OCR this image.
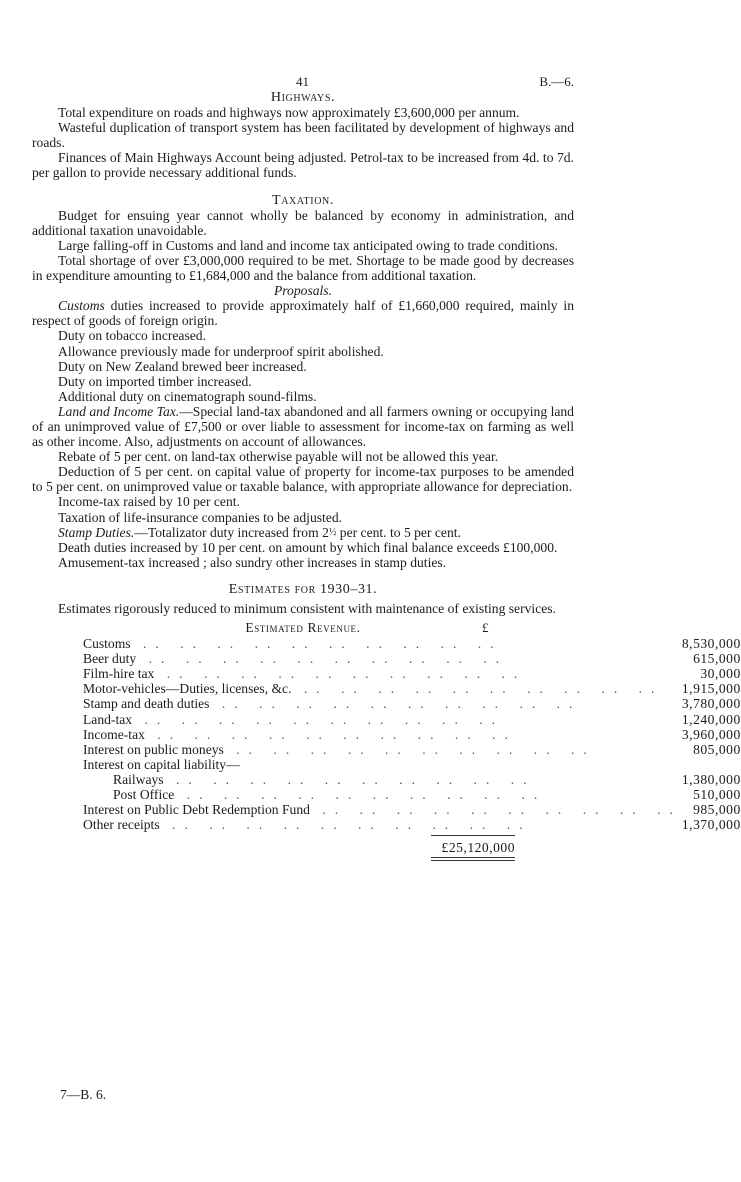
41	B.—6.
Highways.

Total expenditure on roads and highways now approximately £3,600,000 per annum.

Wasteful duplication of transport system has been facilitated by development of highways and roads.

Finances of Main Highways Account being adjusted. Petrol-tax to be increased from 4d. to 7d. per gallon to provide necessary additional funds.

Taxation.

Budget for ensuing year cannot wholly be balanced by economy in administration, and additional taxation unavoidable.

Large falling-off in Customs and land and income tax anticipated owing to trade conditions.

Total shortage of over £3,000,000 required to be met. Shortage to be made good by decreases in expenditure amounting to £1,684,000 and the balance from additional taxation.

Proposals.

Customs duties increased to provide approximately half of £1,660,000 required, mainly in respect of goods of foreign origin.

Duty on tobacco increased.

Allowance previously made for underproof spirit abolished.

Duty on New Zealand brewed beer increased.

Duty on imported timber increased.

Additional duty on cinematograph sound-films.

Land and Income Tax.—Special land-tax abandoned and all farmers owning or occupying land of an unimproved value of £7,500 or over liable to assessment for income-tax on farming as well as other income. Also, adjustments on account of allowances.

Rebate of 5 per cent. on land-tax otherwise payable will not be allowed this year.

Deduction of 5 per cent. on capital value of property for income-tax purposes to be amended to 5 per cent. on unimproved value or taxable balance, with appropriate allowance for depreciation.

Income-tax raised by 10 per cent.

Taxation of life-insurance companies to be adjusted.

Stamp Duties.—Totalizator duty increased from 2½ per cent. to 5 per cent.

Death duties increased by 10 per cent. on amount by which final balance exceeds £100,000.

Amusement-tax increased ; also sundry other increases in stamp duties.

Estimates for 1930–31.

Estimates rigorously reduced to minimum consistent with maintenance of existing services.

Estimated Revenue.	£
Customs .. .. .. .. .. .. .. .. .. ..	8,530,000
Beer duty .. .. .. .. .. .. .. .. .. ..	615,000
Film-hire tax .. .. .. .. .. .. .. .. .. ..	30,000
Motor-vehicles—Duties, licenses, &c. .. .. .. .. .. .. .. .. .. ..	1,915,000
Stamp and death duties .. .. .. .. .. .. .. .. .. ..	3,780,000
Land-tax .. .. .. .. .. .. .. .. .. ..	1,240,000
Income-tax .. .. .. .. .. .. .. .. .. ..	3,960,000
Interest on public moneys .. .. .. .. .. .. .. .. .. ..	805,000
Interest on capital liability—	
Railways .. .. .. .. .. .. .. .. .. ..	1,380,000
Post Office .. .. .. .. .. .. .. .. .. ..	510,000
Interest on Public Debt Redemption Fund .. .. .. .. .. .. .. .. .. ..	985,000
Other receipts .. .. .. .. .. .. .. .. .. ..	1,370,000
£25,120,000
7—B. 6.
